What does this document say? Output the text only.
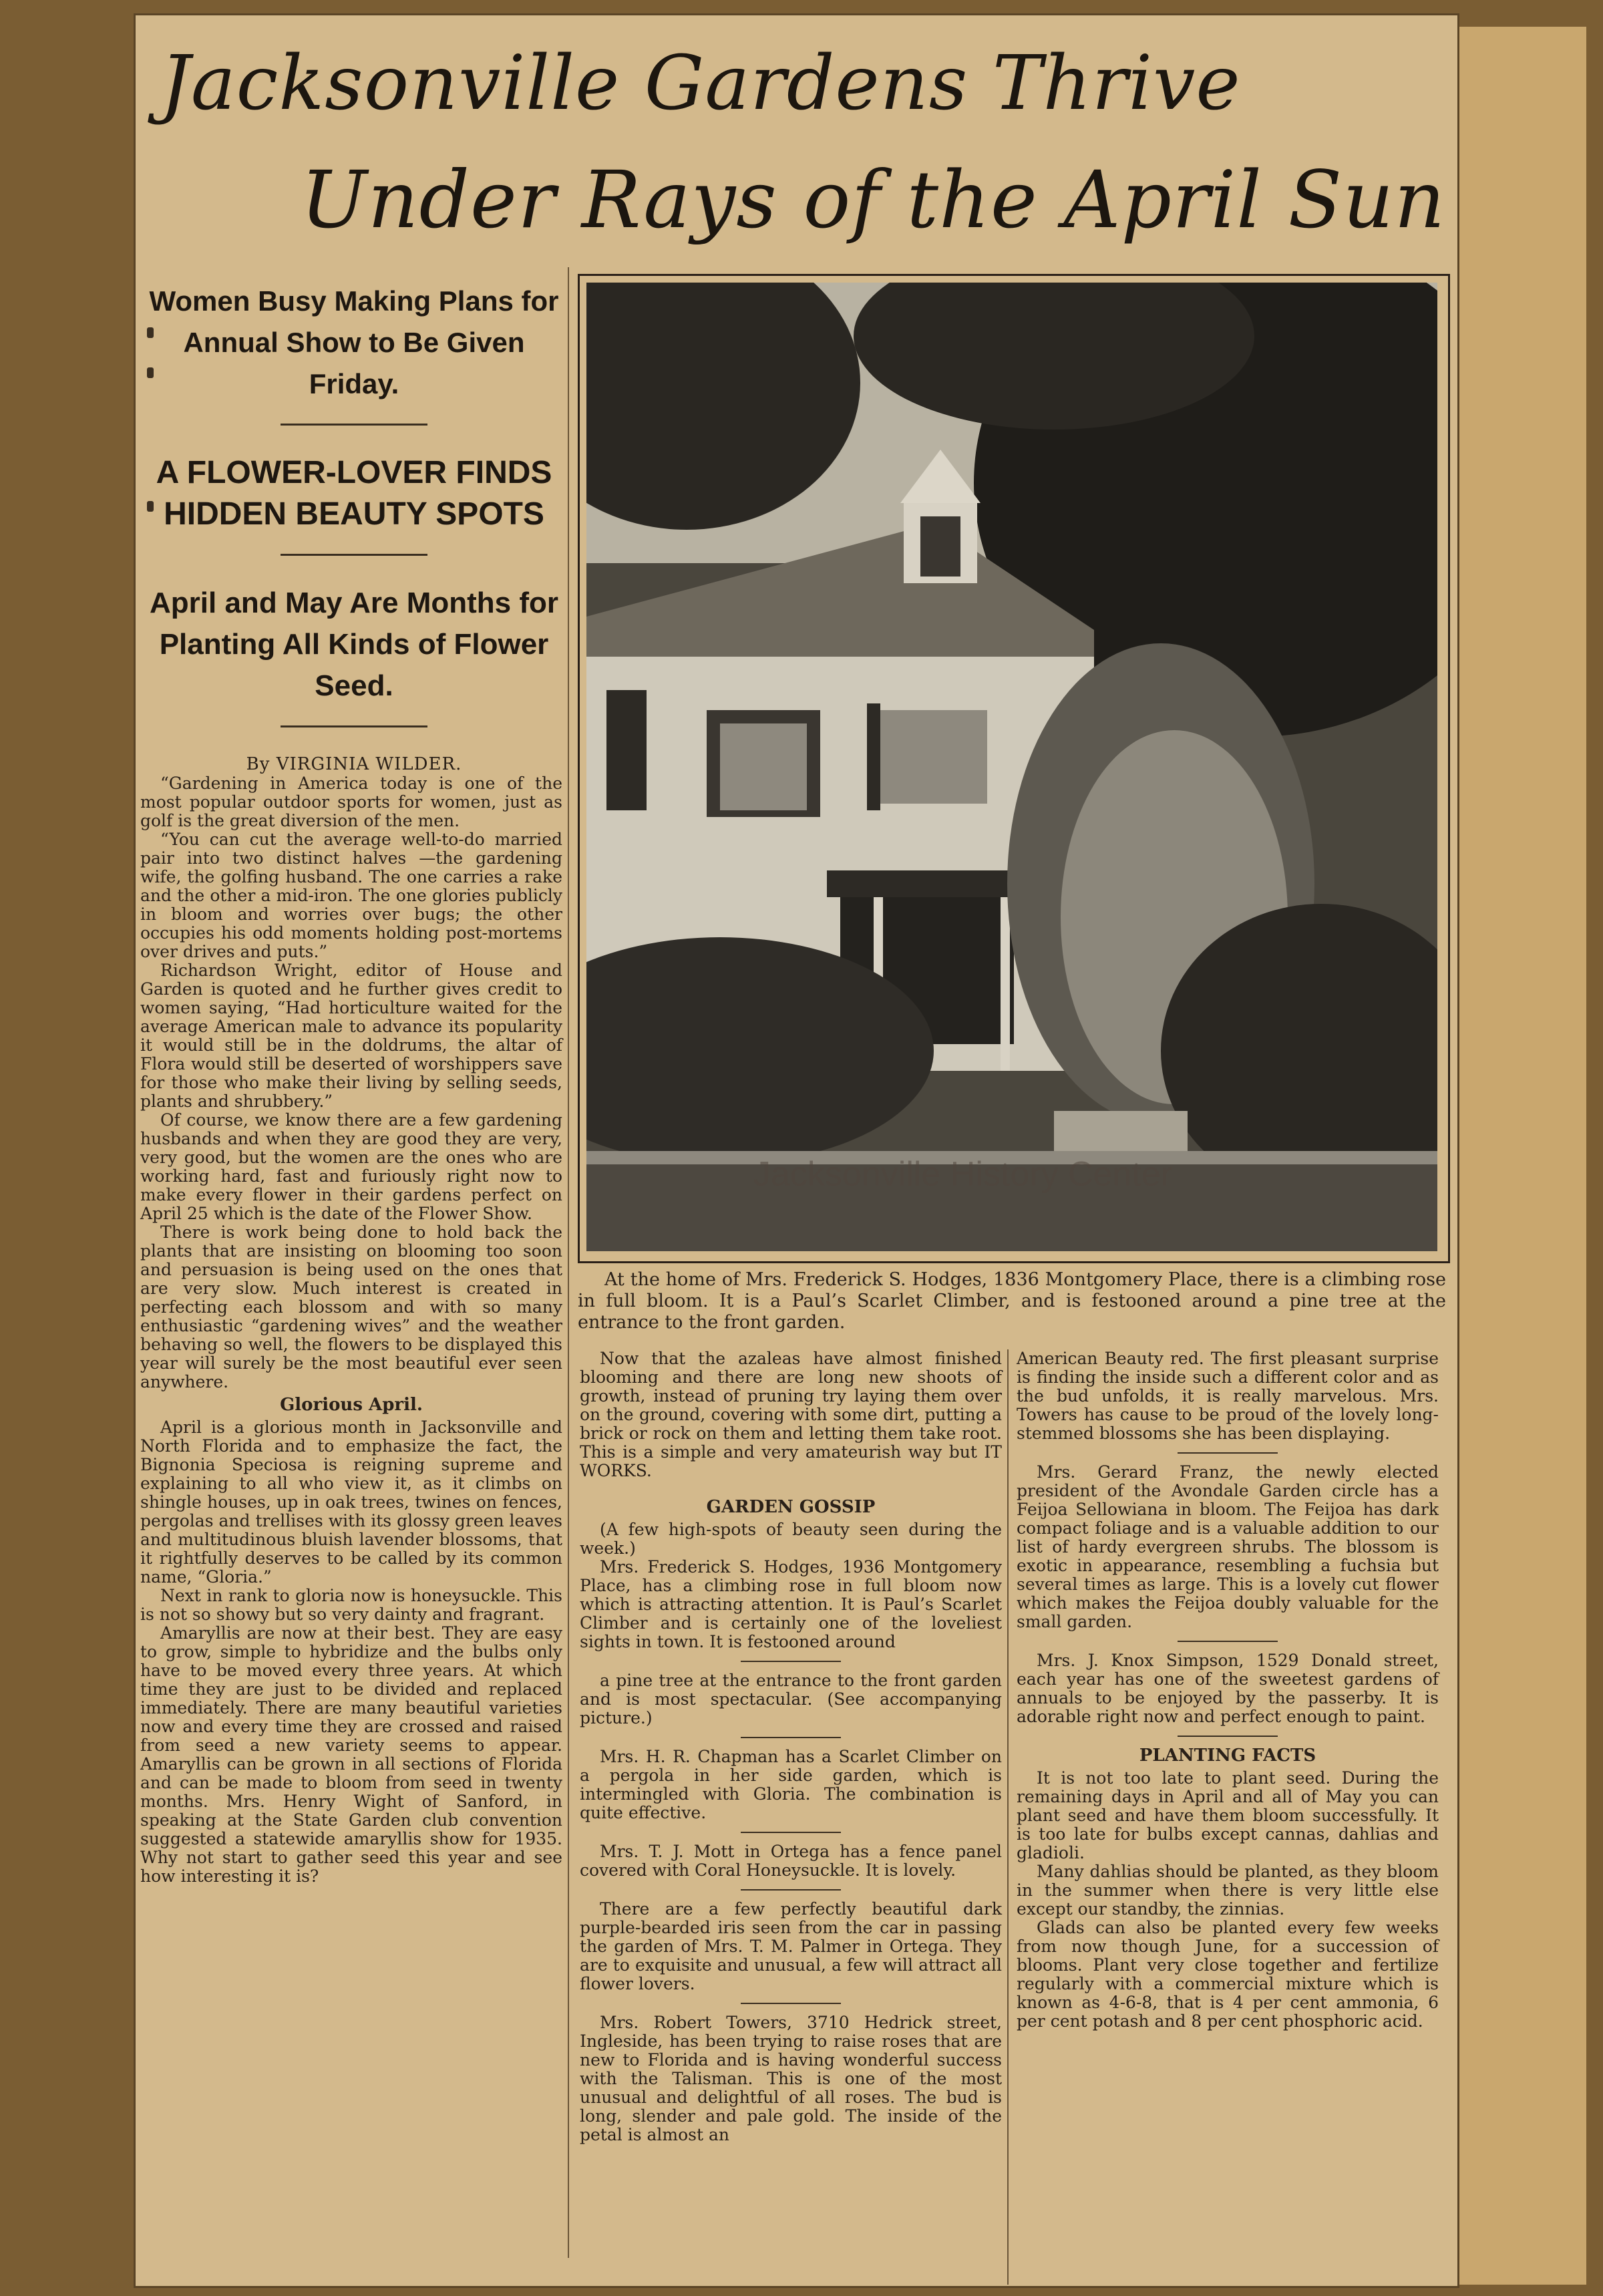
Jacksonville Gardens Thrive
Under Rays of the April Sun
Women Busy Making Plans for Annual Show to Be Given Friday.
A FLOWER-LOVER FINDS HIDDEN BEAUTY SPOTS
April and May Are Months for Planting All Kinds of Flower Seed.
By VIRGINIA WILDER.

“Gardening in America today is one of the most popular outdoor sports for women, just as golf is the great diversion of the men.

“You can cut the average well-to-do married pair into two distinct halves —the gardening wife, the golfing husband. The one carries a rake and the other a mid-iron. The one glories publicly in bloom and worries over bugs; the other occupies his odd moments holding post-mortems over drives and puts.”

Richardson Wright, editor of House and Garden is quoted and he further gives credit to women saying, “Had horticulture waited for the average American male to advance its popularity it would still be in the doldrums, the altar of Flora would still be deserted of worshippers save for those who make their living by selling seeds, plants and shrubbery.”

Of course, we know there are a few gardening husbands and when they are good they are very, very good, but the women are the ones who are working hard, fast and furiously right now to make every flower in their gardens perfect on April 25 which is the date of the Flower Show.

There is work being done to hold back the plants that are insisting on blooming too soon and persuasion is being used on the ones that are very slow. Much interest is created in perfecting each blossom and with so many enthusiastic “gardening wives” and the weather behaving so well, the flowers to be displayed this year will surely be the most beautiful ever seen anywhere.

Glorious April.

April is a glorious month in Jacksonville and North Florida and to emphasize the fact, the Bignonia Speciosa is reigning supreme and explaining to all who view it, as it climbs on shingle houses, up in oak trees, twines on fences, pergolas and trellises with its glossy green leaves and multitudinous bluish lavender blossoms, that it rightfully deserves to be called by its common name, “Gloria.”

Next in rank to gloria now is honeysuckle. This is not so showy but so very dainty and fragrant.

Amaryllis are now at their best. They are easy to grow, simple to hybridize and the bulbs only have to be moved every three years. At which time they are just to be divided and replaced immediately. There are many beautiful varieties now and every time they are crossed and raised from seed a new variety seems to appear. Amaryllis can be grown in all sections of Florida and can be made to bloom from seed in twenty months. Mrs. Henry Wight of Sanford, in speaking at the State Garden club convention suggested a statewide amaryllis show for 1935. Why not start to gather seed this year and see how interesting it is?

Jacksonville History Center
At the home of Mrs. Frederick S. Hodges, 1836 Montgomery Place, there is a climbing rose in full bloom. It is a Paul’s Scarlet Climber, and is festooned around a pine tree at the entrance to the front garden.

Now that the azaleas have almost finished blooming and there are long new shoots of growth, instead of pruning try laying them over on the ground, covering with some dirt, putting a brick or rock on them and letting them take root. This is a simple and very amateurish way but IT WORKS.

GARDEN GOSSIP

(A few high-spots of beauty seen during the week.)

Mrs. Frederick S. Hodges, 1936 Montgomery Place, has a climbing rose in full bloom now which is attracting attention. It is Paul’s Scarlet Climber and is certainly one of the loveliest sights in town. It is festooned around

a pine tree at the entrance to the front garden and is most spectacular. (See accompanying picture.)

Mrs. H. R. Chapman has a Scarlet Climber on a pergola in her side garden, which is intermingled with Gloria. The combination is quite effective.

Mrs. T. J. Mott in Ortega has a fence panel covered with Coral Honeysuckle. It is lovely.

There are a few perfectly beautiful dark purple-bearded iris seen from the car in passing the garden of Mrs. T. M. Palmer in Ortega. They are to exquisite and unusual, a few will attract all flower lovers.

Mrs. Robert Towers, 3710 Hedrick street, Ingleside, has been trying to raise roses that are new to Florida and is having wonderful success with the Talisman. This is one of the most unusual and delightful of all roses. The bud is long, slender and pale gold. The inside of the petal is almost an

American Beauty red. The first pleasant surprise is finding the inside such a different color and as the bud unfolds, it is really marvelous. Mrs. Towers has cause to be proud of the lovely long-stemmed blossoms she has been displaying.

Mrs. Gerard Franz, the newly elected president of the Avondale Garden circle has a Feijoa Sellowiana in bloom. The Feijoa has dark compact foliage and is a valuable addition to our list of hardy evergreen shrubs. The blossom is exotic in appearance, resembling a fuchsia but several times as large. This is a lovely cut flower which makes the Feijoa doubly valuable for the small garden.

Mrs. J. Knox Simpson, 1529 Donald street, each year has one of the sweetest gardens of annuals to be enjoyed by the passerby. It is adorable right now and perfect enough to paint.

PLANTING FACTS

It is not too late to plant seed. During the remaining days in April and all of May you can plant seed and have them bloom successfully. It is too late for bulbs except cannas, dahlias and gladioli.

Many dahlias should be planted, as they bloom in the summer when there is very little else except our standby, the zinnias.

Glads can also be planted every few weeks from now though June, for a succession of blooms. Plant very close together and fertilize regularly with a commercial mixture which is known as 4-6-8, that is 4 per cent ammonia, 6 per cent potash and 8 per cent phosphoric acid.
